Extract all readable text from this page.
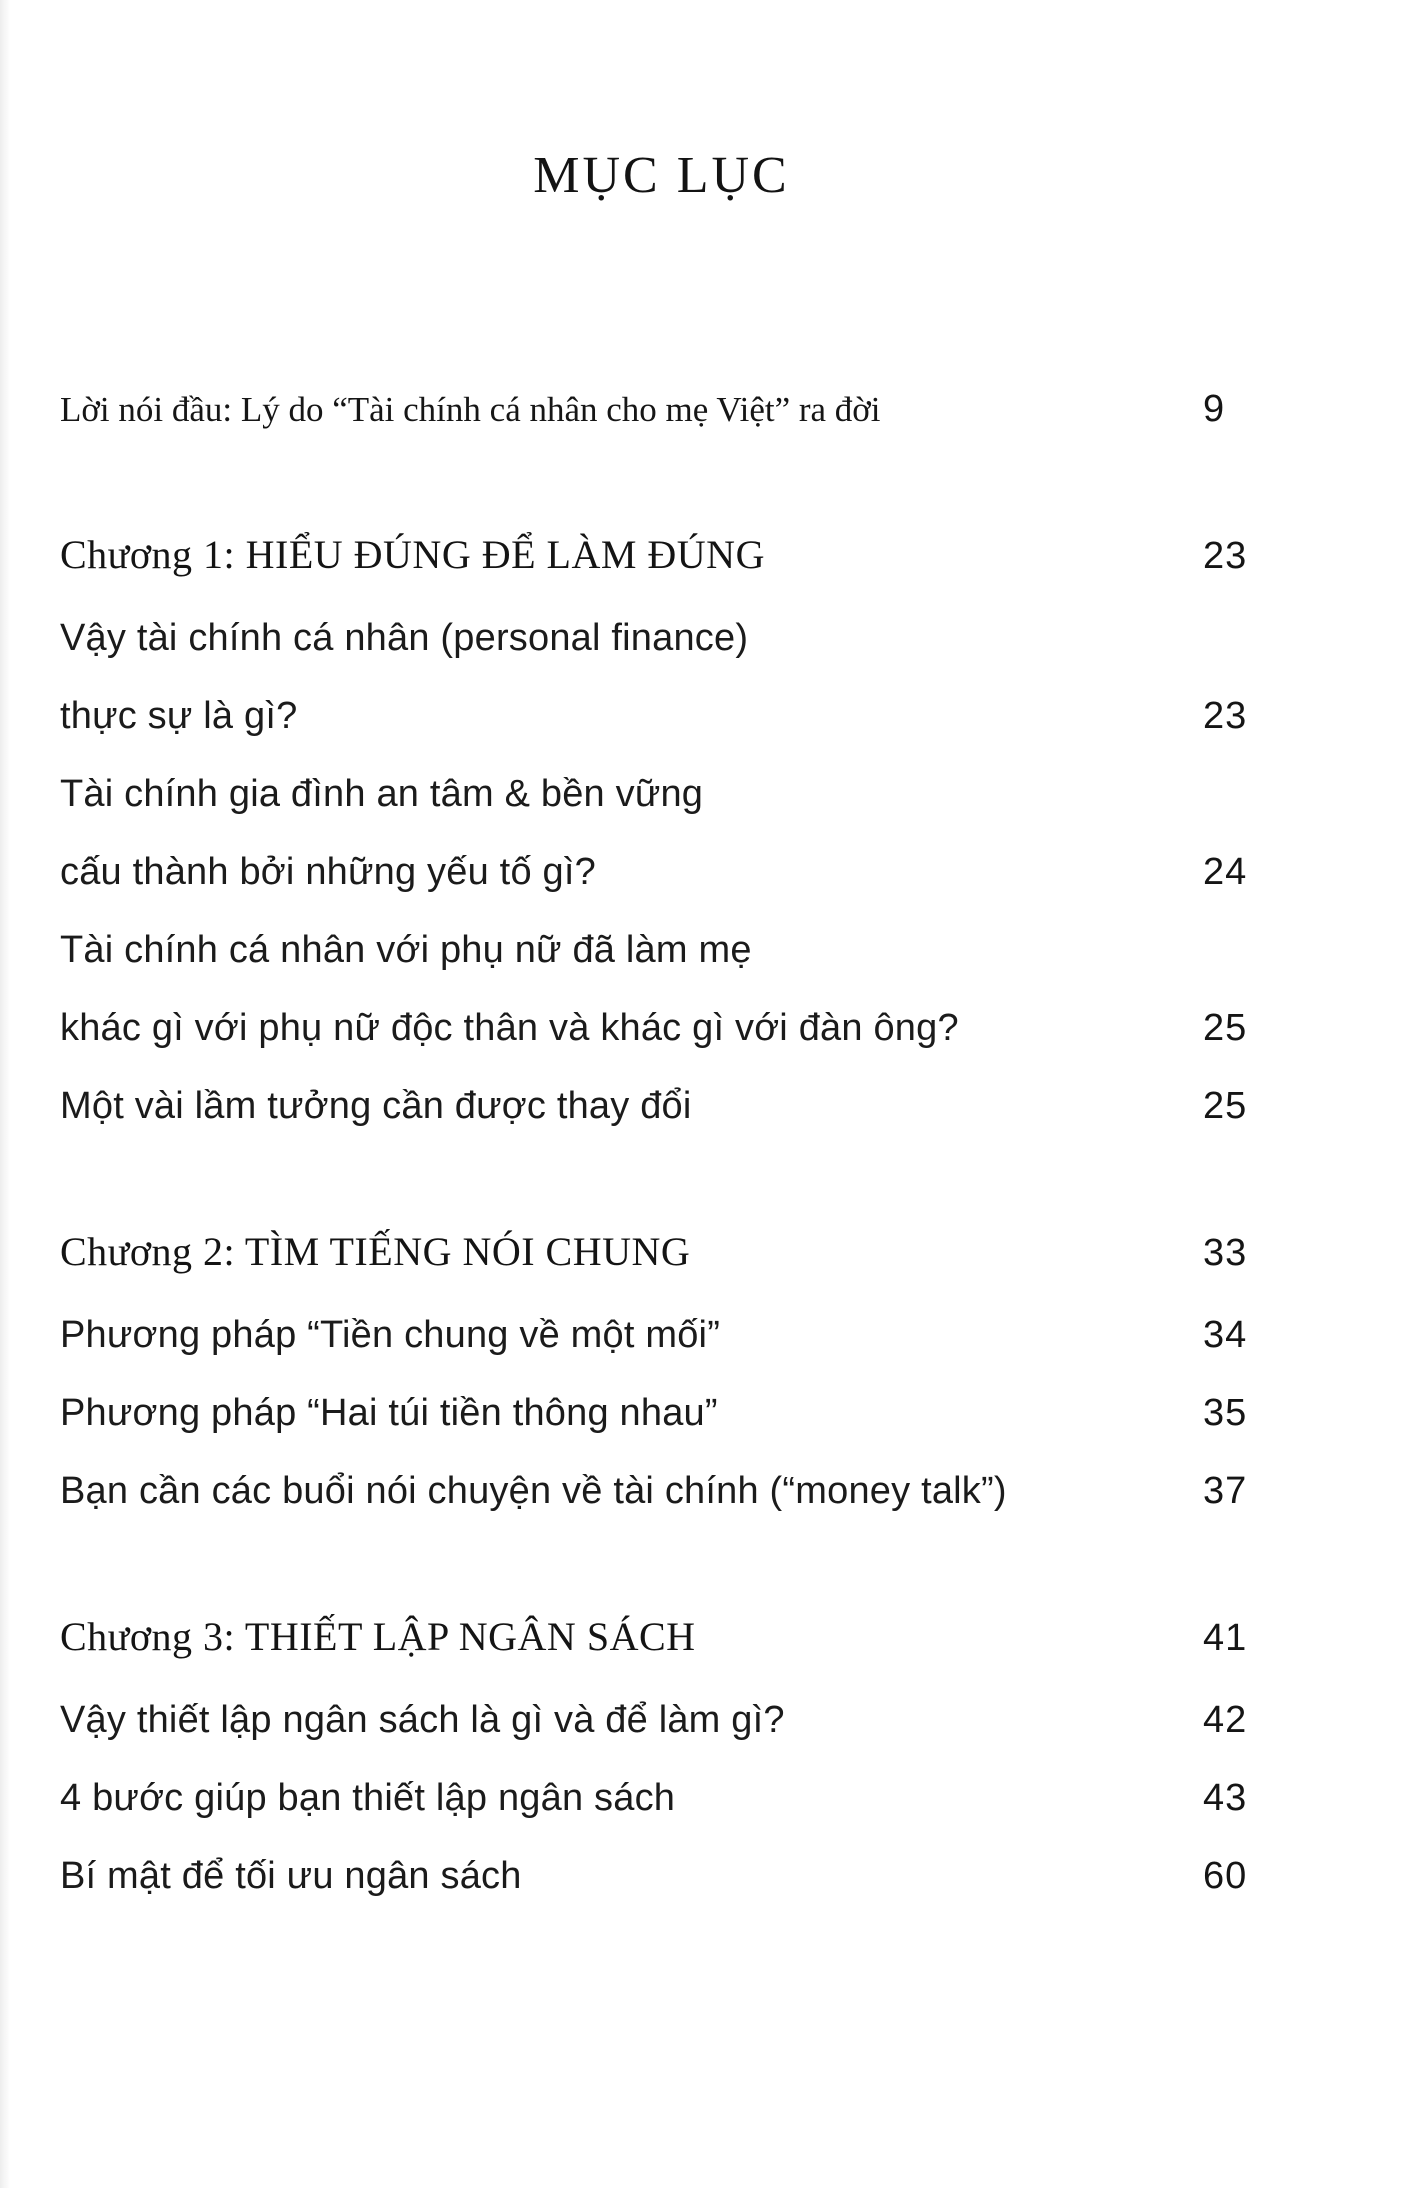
MỤC LỤC
Lời nói đầu: Lý do “Tài chính cá nhân cho mẹ Việt” ra đời	9
Chương 1: HIỂU ĐÚNG ĐỂ LÀM ĐÚNG	23
Vậy tài chính cá nhân (personal finance)
thực sự là gì?	23
Tài chính gia đình an tâm & bền vững
cấu thành bởi những yếu tố gì?	24
Tài chính cá nhân với phụ nữ đã làm mẹ
khác gì với phụ nữ độc thân và khác gì với đàn ông?	25
Một vài lầm tưởng cần được thay đổi	25
Chương 2: TÌM TIẾNG NÓI CHUNG	33
Phương pháp “Tiền chung về một mối”	34
Phương pháp “Hai túi tiền thông nhau”	35
Bạn cần các buổi nói chuyện về tài chính (“money talk”)	37
Chương 3: THIẾT LẬP NGÂN SÁCH	41
Vậy thiết lập ngân sách là gì và để làm gì?	42
4 bước giúp bạn thiết lập ngân sách	43
Bí mật để tối ưu ngân sách	60
